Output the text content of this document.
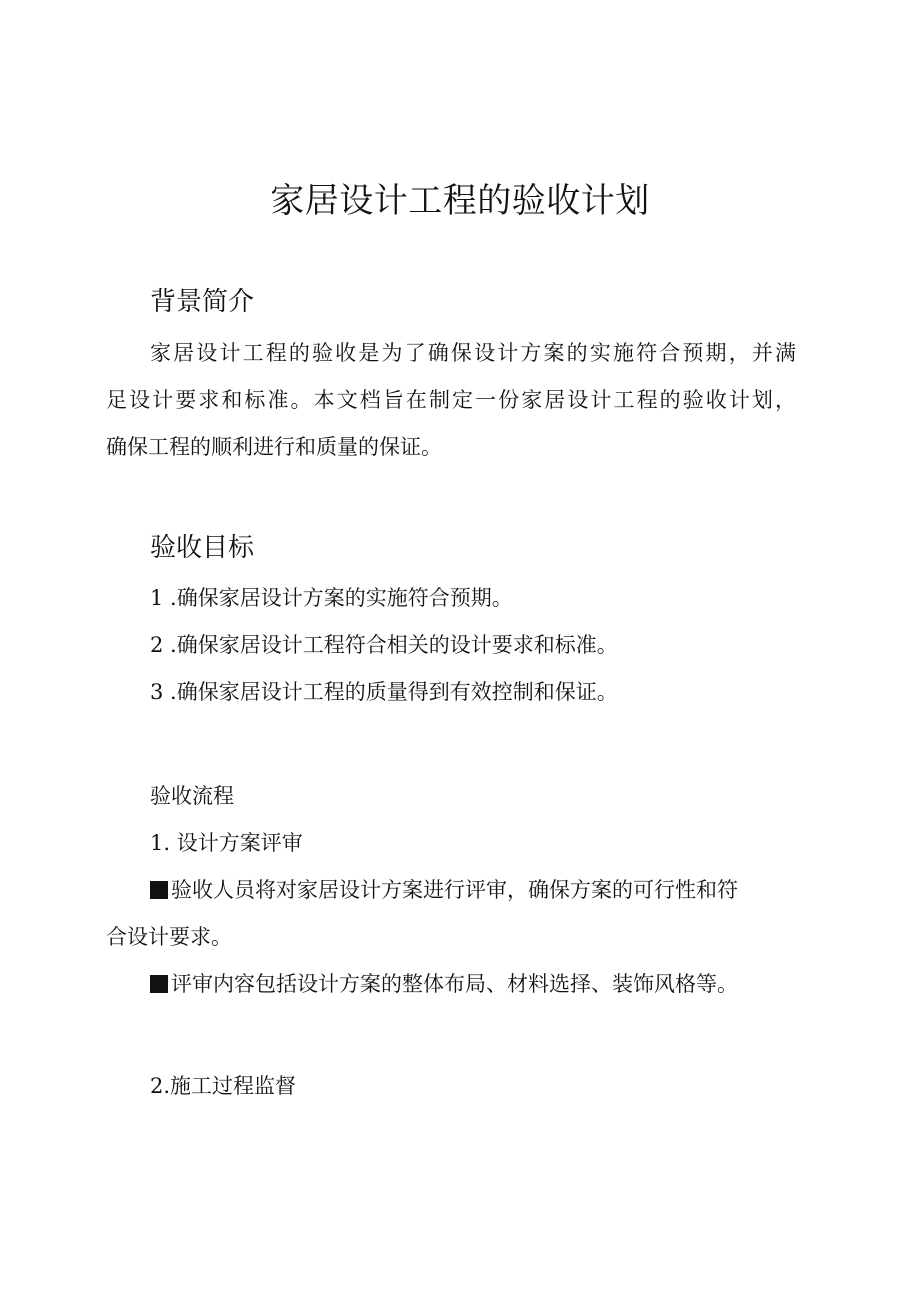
家居设计工程的验收计划
背景简介
家居设计工程的验收是为了确保设计方案的实施符合预期，并满
足设计要求和标准。本文档旨在制定一份家居设计工程的验收计划，
确保工程的顺利进行和质量的保证。
验收目标
1 .确保家居设计方案的实施符合预期。
2 .确保家居设计工程符合相关的设计要求和标准。
3 .确保家居设计工程的质量得到有效控制和保证。
验收流程
1. 设计方案评审
验收人员将对家居设计方案进行评审，确保方案的可行性和符
合设计要求。
评审内容包括设计方案的整体布局、材料选择、装饰风格等。
2.施工过程监督
